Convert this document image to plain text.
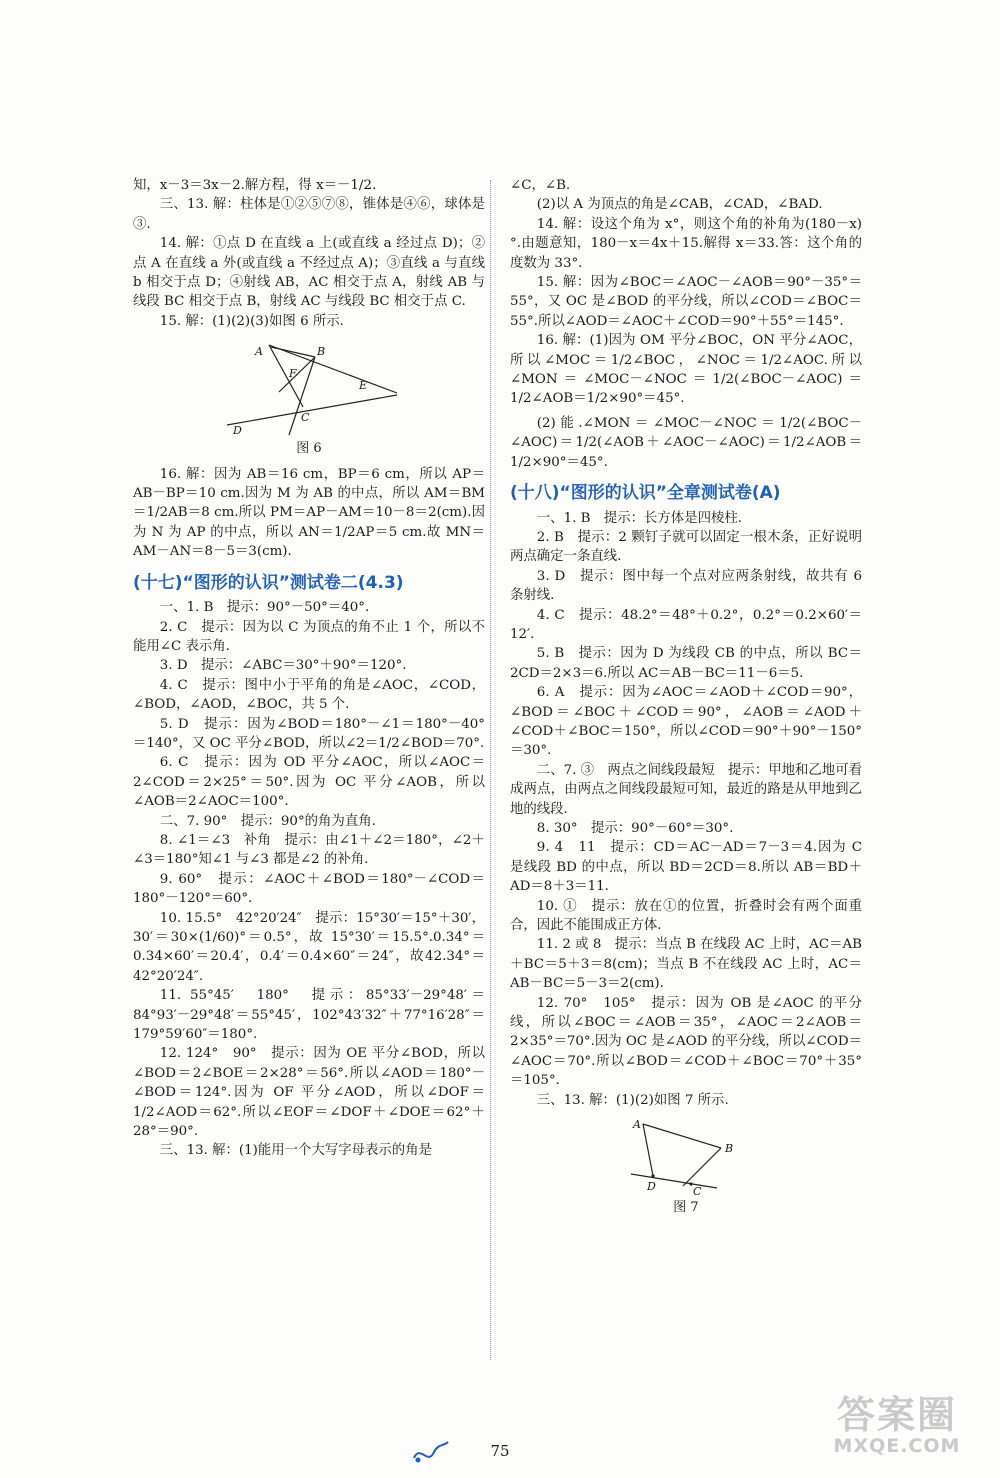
知，x－3＝3x－2.解方程，得 x＝－1/2.

三、13. 解：柱体是①②⑤⑦⑧，锥体是④⑥，球体是③.

14. 解：①点 D 在直线 a 上(或直线 a 经过点 D)；②点 A 在直线 a 外(或直线 a 不经过点 A)；③直线 a 与直线 b 相交于点 D；④射线 AB，AC 相交于点 A，射线 AB 与线段 BC 相交于点 B，射线 AC 与线段 BC 相交于点 C.

15. 解：(1)(2)(3)如图 6 所示.

A	B
F
E
D
C
图 6

16. 解：因为 AB＝16 cm，BP＝6 cm，所以 AP＝AB－BP＝10 cm.因为 M 为 AB 的中点，所以 AM＝BM＝1/2AB＝8 cm.所以 PM＝AP－AM＝10－8＝2(cm).因为 N 为 AP 的中点，所以 AN＝1/2AP＝5 cm.故 MN＝AM－AN＝8－5＝3(cm).

(十七)“图形的认识”测试卷二(4.3)

一、1. B　提示：90°－50°＝40°.

2. C　提示：因为以 C 为顶点的角不止 1 个，所以不能用∠C 表示角.

3. D　提示：∠ABC＝30°＋90°＝120°.

4. C　提示：图中小于平角的角是∠AOC，∠COD，∠BOD，∠AOD，∠BOC，共 5 个.

5. D　提示：因为∠BOD＝180°－∠1＝180°－40°＝140°，又 OC 平分∠BOD，所以∠2＝1/2∠BOD＝70°.

6. C　提示：因为 OD 平分∠AOC，所以∠AOC＝2∠COD＝2×25°＝50°.因为 OC 平分∠AOB，所以∠AOB＝2∠AOC＝100°.

二、7. 90°　提示：90°的角为直角.

8. ∠1＝∠3　补角　提示：由∠1＋∠2＝180°，∠2＋∠3＝180°知∠1 与∠3 都是∠2 的补角.

9. 60°　提示：∠AOC＋∠BOD＝180°－∠COD＝180°－120°＝60°.

10. 15.5°　42°20′24″　提示：15°30′＝15°＋30′，30′＝30×(1/60)°＝0.5°，故 15°30′＝15.5°.0.34°＝0.34×60′＝20.4′，0.4′＝0.4×60″＝24″，故42.34°＝42°20′24″.

11. 55°45′　180°　提示：85°33′－29°48′＝84°93′－29°48′＝55°45′，102°43′32″＋77°16′28″＝179°59′60″＝180°.

12. 124°　90°　提示：因为 OE 平分∠BOD，所以∠BOD＝2∠BOE＝2×28°＝56°.所以∠AOD＝180°－∠BOD＝124°.因为 OF 平分∠AOD，所以∠DOF＝1/2∠AOD＝62°.所以∠EOF＝∠DOF＋∠DOE＝62°＋28°＝90°.

三、13. 解：(1)能用一个大写字母表示的角是

∠C，∠B.

(2)以 A 为顶点的角是∠CAB，∠CAD，∠BAD.

14. 解：设这个角为 x°，则这个角的补角为(180－x)°.由题意知，180－x＝4x＋15.解得 x＝33.答：这个角的度数为 33°.

15. 解：因为∠BOC＝∠AOC－∠AOB＝90°－35°＝55°，又 OC 是∠BOD 的平分线，所以∠COD＝∠BOC＝55°.所以∠AOD＝∠AOC＋∠COD＝90°＋55°＝145°.

16. 解：(1)因为 OM 平分∠BOC，ON 平分∠AOC，所以∠MOC＝1/2∠BOC，∠NOC＝1/2∠AOC.所以∠MON＝∠MOC－∠NOC＝1/2(∠BOC－∠AOC)＝1/2∠AOB＝1/2×90°＝45°.

(2)能.∠MON＝∠MOC－∠NOC＝1/2(∠BOC－∠AOC)＝1/2(∠AOB＋∠AOC－∠AOC)＝1/2∠AOB＝1/2×90°＝45°.

(十八)“图形的认识”全章测试卷(A)

一、1. B　提示：长方体是四棱柱.

2. B　提示：2 颗钉子就可以固定一根木条，正好说明两点确定一条直线.

3. D　提示：图中每一个点对应两条射线，故共有 6 条射线.

4. C　提示：48.2°＝48°＋0.2°，0.2°＝0.2×60′＝12′.

5. B　提示：因为 D 为线段 CB 的中点，所以 BC＝2CD＝2×3＝6.所以 AC＝AB－BC＝11－6＝5.

6. A　提示：因为∠AOC＝∠AOD＋∠COD＝90°，∠BOD＝∠BOC＋∠COD＝90°，∠AOB＝∠AOD＋∠COD＋∠BOC＝150°，所以∠COD＝90°＋90°－150°＝30°.

二、7. ③　两点之间线段最短　提示：甲地和乙地可看成两点，由两点之间线段最短可知，最近的路是从甲地到乙地的线段.

8. 30°　提示：90°－60°＝30°.

9. 4　11　提示：CD＝AC－AD＝7－3＝4.因为 C 是线段 BD 的中点，所以 BD＝2CD＝8.所以 AB＝BD＋AD＝8＋3＝11.

10. ①　提示：放在①的位置，折叠时会有两个面重合，因此不能围成正方体.

11. 2 或 8　提示：当点 B 在线段 AC 上时，AC＝AB＋BC＝5＋3＝8(cm)；当点 B 不在线段 AC 上时，AC＝AB－BC＝5－3＝2(cm).

12. 70°　105°　提示：因为 OB 是∠AOC 的平分线，所以∠BOC＝∠AOB＝35°，∠AOC＝2∠AOB＝2×35°＝70°.因为 OC 是∠AOD 的平分线，所以∠COD＝∠AOC＝70°.所以∠BOD＝∠COD＋∠BOC＝70°＋35°＝105°.

三、13. 解：(1)(2)如图 7 所示.

A
B
D	C
图 7
75
答案圈
MXQE.COM
